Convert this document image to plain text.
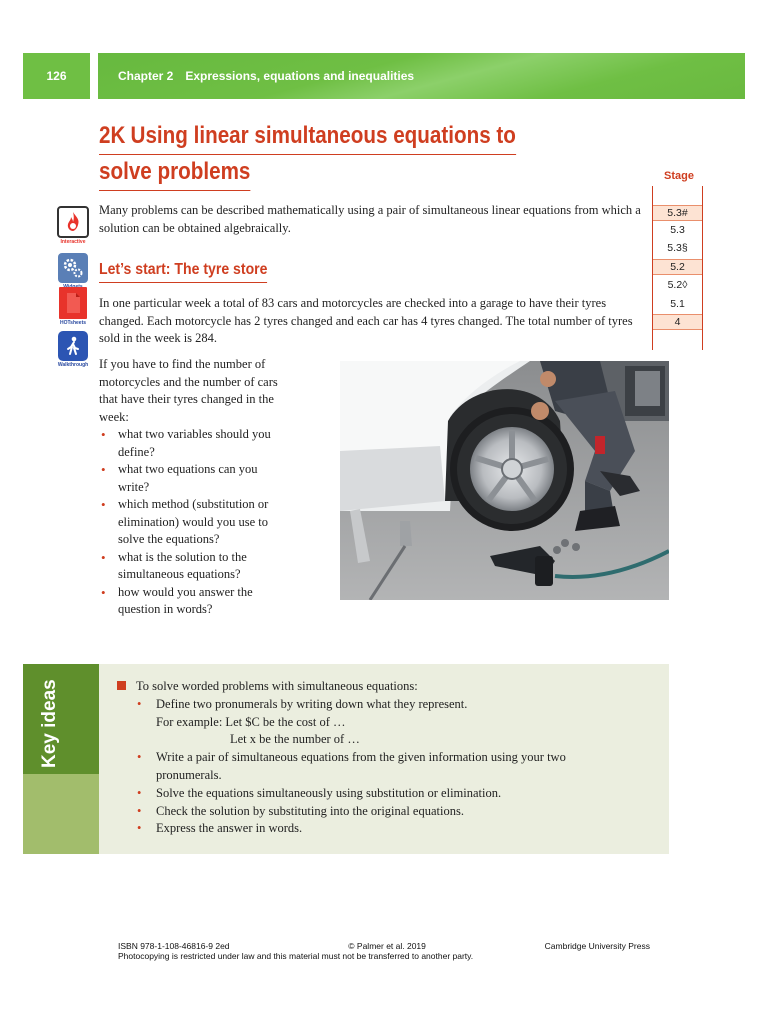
126	Chapter 2 Expressions, equations and inequalities
2K Using linear simultaneous equations to
solve problems	Stage
5.3#
5.3
5.3§
5.2
5.2◊
5.1
4
Interactive
HOTsheets
Walkthrough
Many problems can be described mathematically using a pair of simultaneous linear equations from which a solution can be obtained algebraically.
Let’s start: The tyre store
In one particular week a total of 83 cars and motorcycles are checked into a garage to have their tyres changed. Each motorcycle has 2 tyres changed and each car has 4 tyres changed. The total number of tyres sold in the week is 284.
If you have to find the number of motorcycles and the number of cars that have their tyres changed in the week:
• what two variables should you define?
• what two equations can you write?
• which method (substitution or elimination) would you use to solve the equations?
• what is the solution to the simultaneous equations?
• how would you answer the question in words?
Key ideas	To solve worded problems with simultaneous equations:
• Define two pronumerals by writing down what they represent.
For example: Let $C be the cost of …
Let x be the number of …
• Write a pair of simultaneous equations from the given information using your two
pronumerals.
• Solve the equations simultaneously using substitution or elimination.
• Check the solution by substituting into the original equations.
• Express the answer in words.
ISBN 978-1-108-46816-9 2ed	© Palmer et al. 2019	Cambridge University Press
Photocopying is restricted under law and this material must not be transferred to another party.
